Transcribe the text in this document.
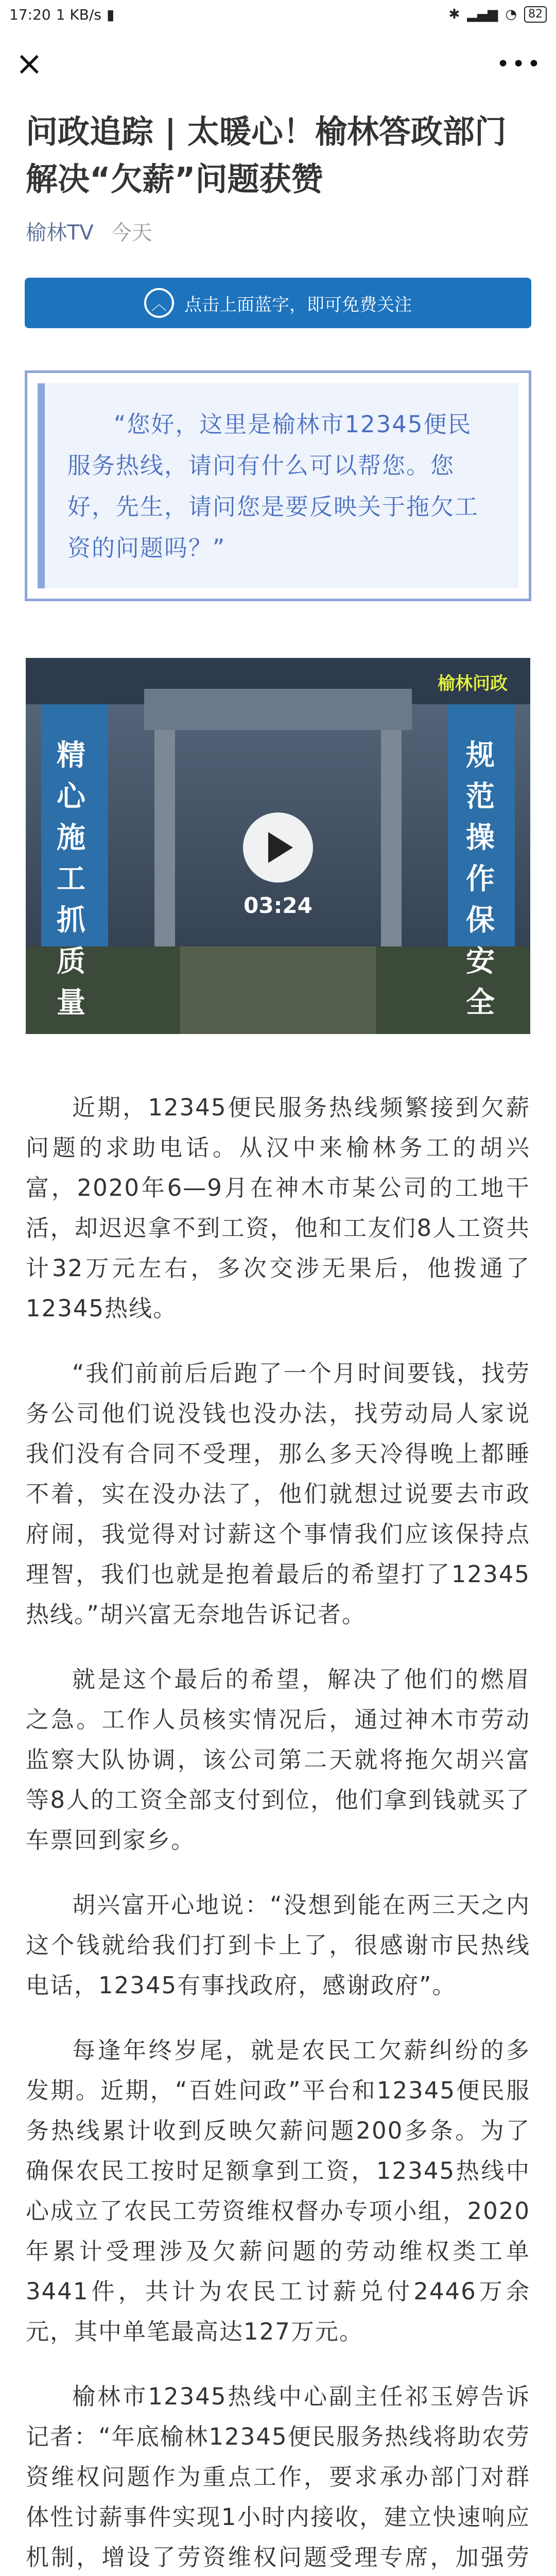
17:20 1 KB/s ▮	✱ ▂▄▆ ◔	82
×	•••
问政追踪 | 太暖心！榆林答政部门解决“欠薪”问题获赞
榆林TV 今天
︿	点击上面蓝字，即可免费关注
“您好，这里是榆林市12345便民服务热线，请问有什么可以帮您。您好，先生，请问您是要反映关于拖欠工资的问题吗？”
榆林问政
精心施工抓质量
规范操作保安全
03:24

近期，12345便民服务热线频繁接到欠薪问题的求助电话。从汉中来榆林务工的胡兴富，2020年6—9月在神木市某公司的工地干活，却迟迟拿不到工资，他和工友们8人工资共计32万元左右，多次交涉无果后，他拨通了12345热线。

“我们前前后后跑了一个月时间要钱，找劳务公司他们说没钱也没办法，找劳动局人家说我们没有合同不受理，那么多天冷得晚上都睡不着，实在没办法了，他们就想过说要去市政府闹，我觉得对讨薪这个事情我们应该保持点理智，我们也就是抱着最后的希望打了12345热线。”胡兴富无奈地告诉记者。

就是这个最后的希望，解决了他们的燃眉之急。工作人员核实情况后，通过神木市劳动监察大队协调，该公司第二天就将拖欠胡兴富等8人的工资全部支付到位，他们拿到钱就买了车票回到家乡。

胡兴富开心地说：“没想到能在两三天之内这个钱就给我们打到卡上了，很感谢市民热线电话，12345有事找政府，感谢政府”。

每逢年终岁尾，就是农民工欠薪纠纷的多发期。近期，“百姓问政”平台和12345便民服务热线累计收到反映欠薪问题200多条。为了确保农民工按时足额拿到工资，12345热线中心成立了农民工劳资维权督办专项小组，2020年累计受理涉及欠薪问题的劳动维权类工单3441件，共计为农民工讨薪兑付2446万余元，其中单笔最高达127万元。

榆林市12345热线中心副主任祁玉婷告诉记者：“年底榆林12345便民服务热线将助农劳资维权问题作为重点工作，要求承办部门对群体性讨薪事件实现1小时内接收，建立快速响应机制，增设了劳资维权问题受理专席，加强劳
